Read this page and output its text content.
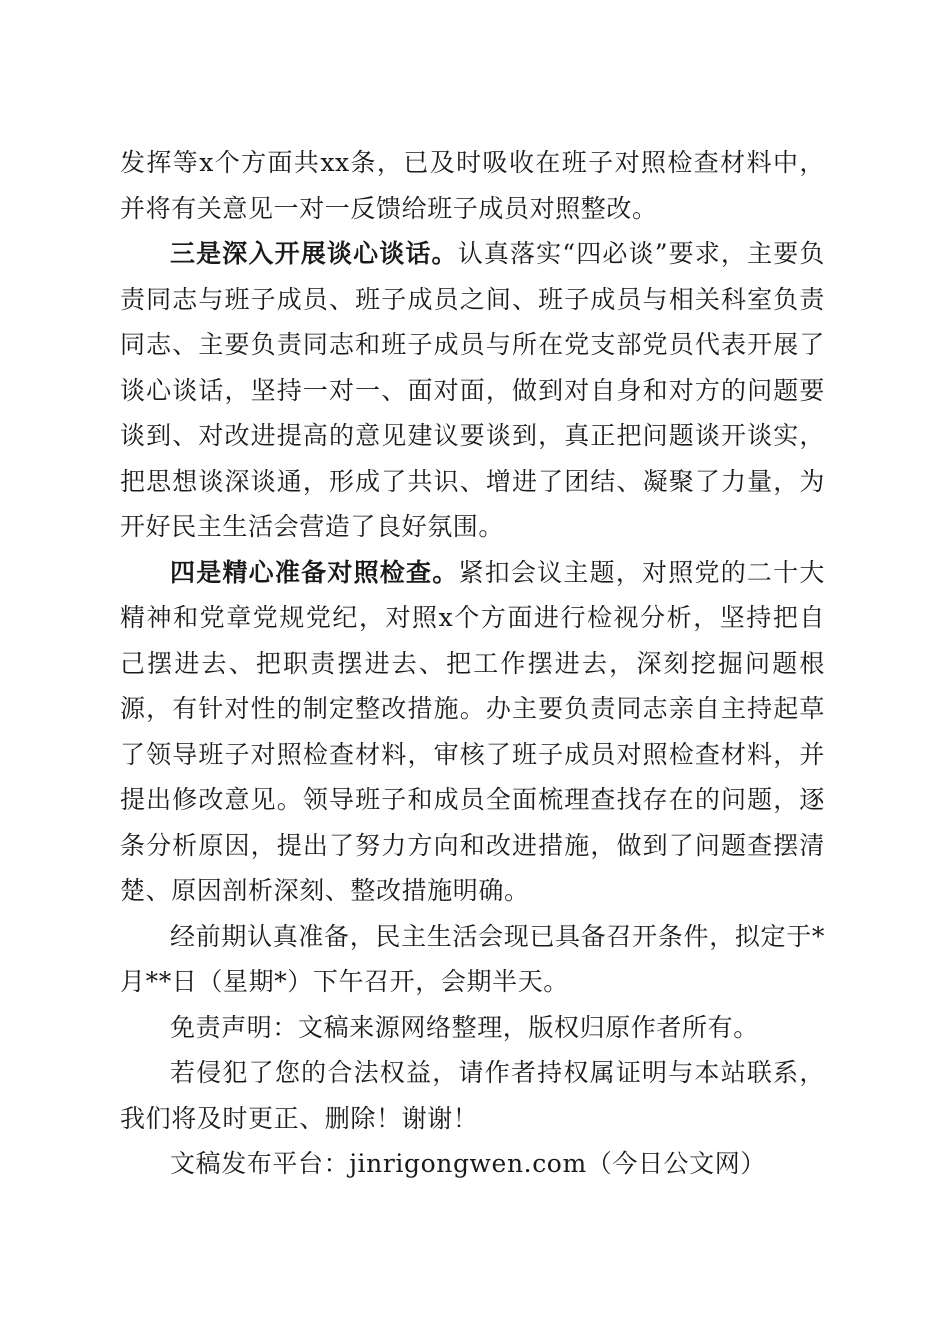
发挥等x个方面共xx条，已及时吸收在班子对照检查材料中，并将有关意见一对一反馈给班子成员对照整改。

三是深入开展谈心谈话。认真落实“四必谈”要求，主要负责同志与班子成员、班子成员之间、班子成员与相关科室负责同志、主要负责同志和班子成员与所在党支部党员代表开展了谈心谈话，坚持一对一、面对面，做到对自身和对方的问题要谈到、对改进提高的意见建议要谈到，真正把问题谈开谈实，把思想谈深谈通，形成了共识、增进了团结、凝聚了力量，为开好民主生活会营造了良好氛围。

四是精心准备对照检查。紧扣会议主题，对照党的二十大精神和党章党规党纪，对照x个方面进行检视分析，坚持把自己摆进去、把职责摆进去、把工作摆进去，深刻挖掘问题根源，有针对性的制定整改措施。办主要负责同志亲自主持起草了领导班子对照检查材料，审核了班子成员对照检查材料，并提出修改意见。领导班子和成员全面梳理查找存在的问题，逐条分析原因，提出了努力方向和改进措施，做到了问题查摆清楚、原因剖析深刻、整改措施明确。

经前期认真准备，民主生活会现已具备召开条件，拟定于*月**日（星期*）下午召开，会期半天。

免责声明：文稿来源网络整理，版权归原作者所有。

若侵犯了您的合法权益，请作者持权属证明与本站联系，我们将及时更正、删除！谢谢！

文稿发布平台：jinrigongwen.com（今日公文网）
